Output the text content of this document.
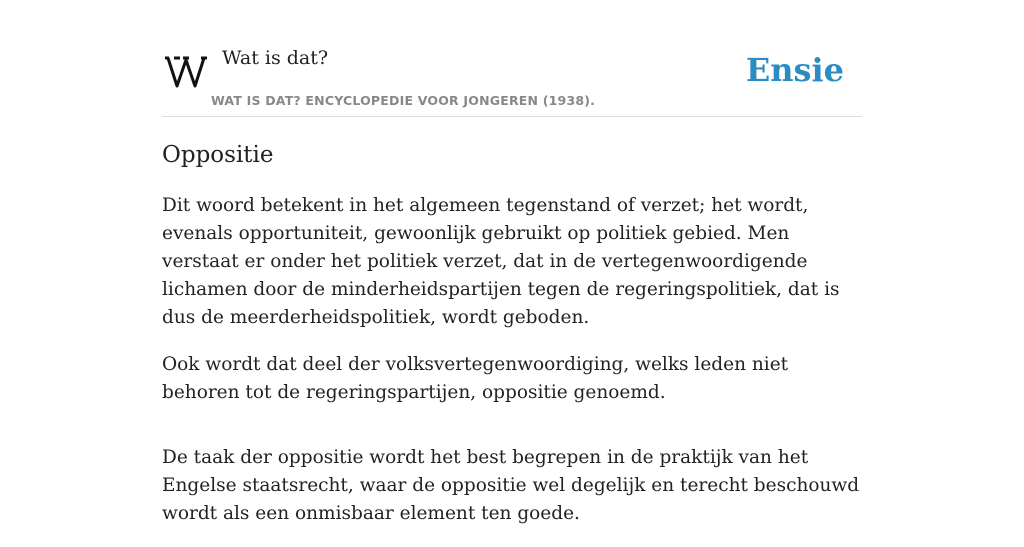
Wat is dat?
WAT IS DAT? ENCYCLOPEDIE VOOR JONGEREN (1938).
Ensie
Oppositie

Dit woord betekent in het algemeen tegenstand of verzet; het wordt, evenals opportuniteit, gewoonlijk gebruikt op politiek gebied. Men verstaat er onder het politiek verzet, dat in de vertegenwoordigende lichamen door de minderheidspartijen tegen de regeringspolitiek, dat is dus de meerderheidspolitiek, wordt geboden.

Ook wordt dat deel der volksvertegenwoordiging, welks leden niet behoren tot de regeringspartijen, oppositie genoemd.

De taak der oppositie wordt het best begrepen in de praktijk van het Engelse staatsrecht, waar de oppositie wel degelijk en terecht beschouwd wordt als een onmisbaar element ten goede.
